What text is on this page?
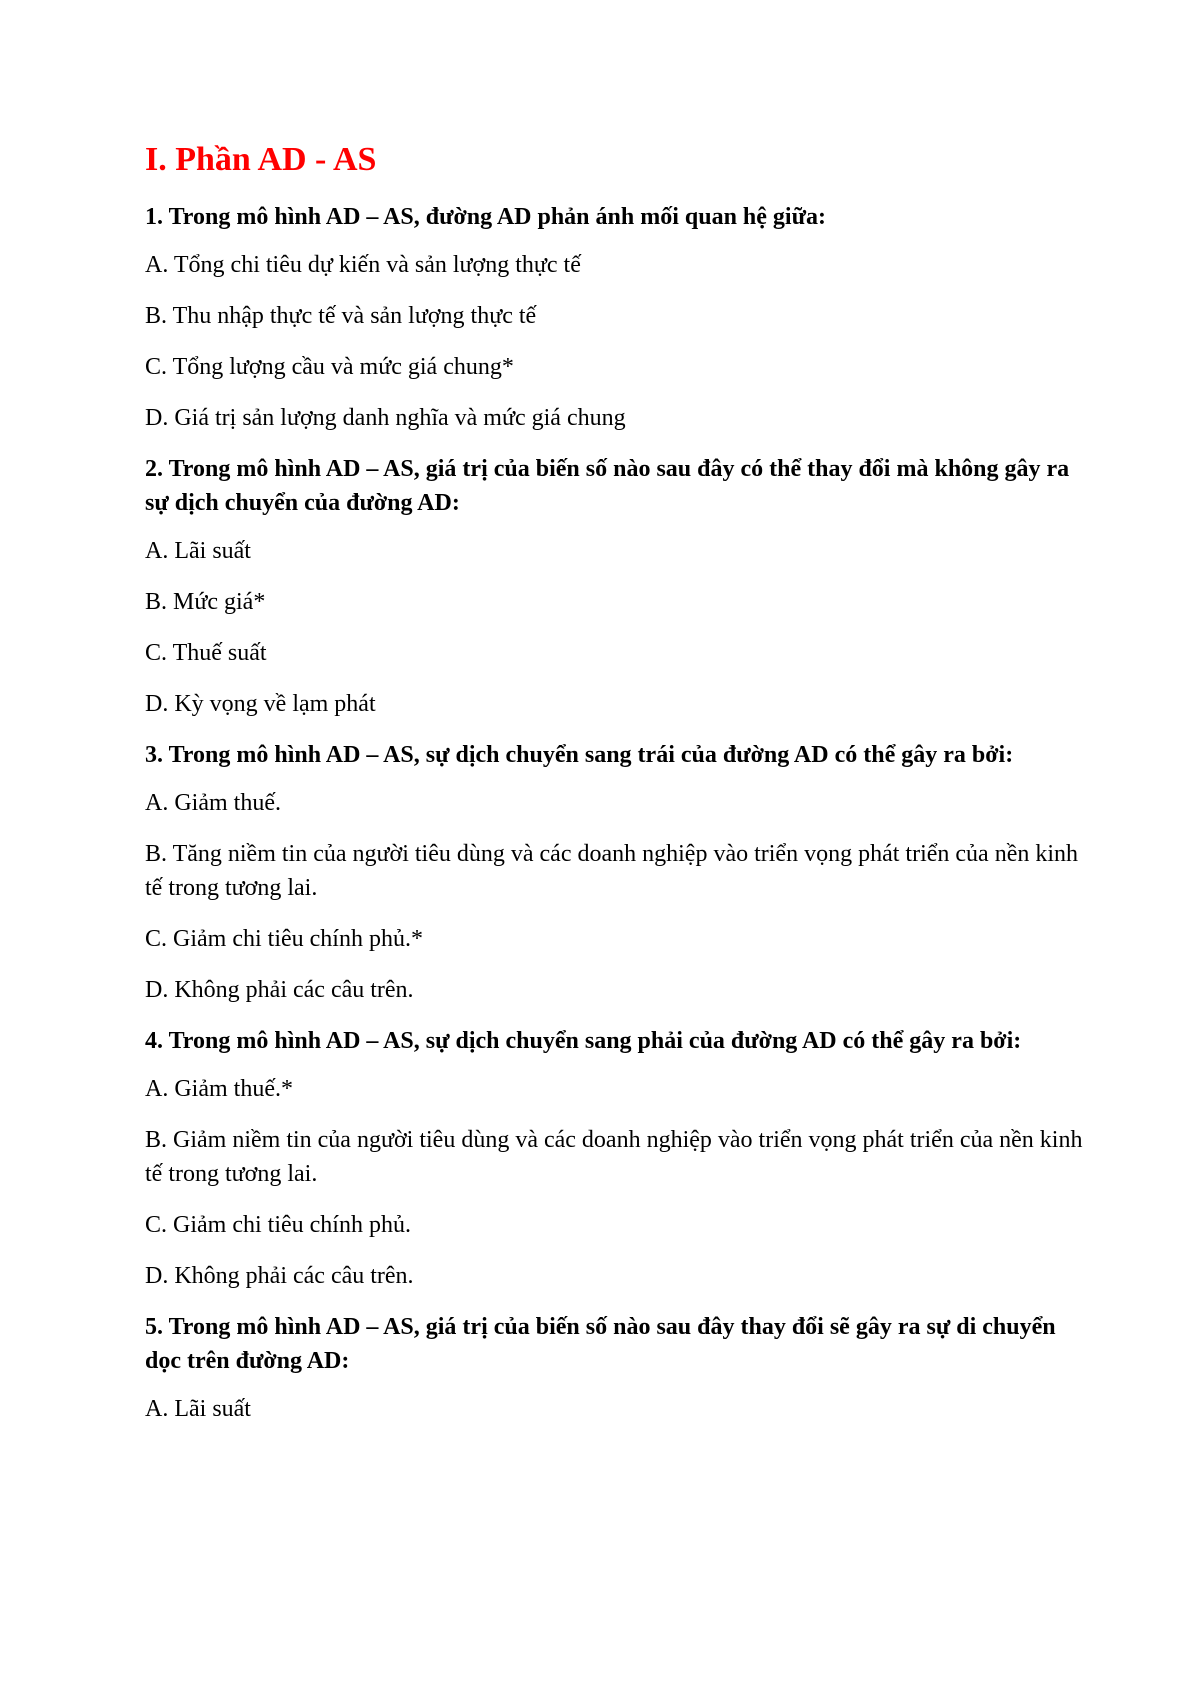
I. Phần AD - AS
1. Trong mô hình AD – AS, đường AD phản ánh mối quan hệ giữa:
A. Tổng chi tiêu dự kiến và sản lượng thực tế
B. Thu nhập thực tế và sản lượng thực tế
C. Tổng lượng cầu và mức giá chung*
D. Giá trị sản lượng danh nghĩa và mức giá chung
2. Trong mô hình AD – AS, giá trị của biến số nào sau đây có thể thay đổi mà không gây ra sự dịch chuyển của đường AD:
A. Lãi suất
B. Mức giá*
C. Thuế suất
D. Kỳ vọng về lạm phát
3. Trong mô hình AD – AS, sự dịch chuyển sang trái của đường AD có thể gây ra bởi:
A. Giảm thuế.
B. Tăng niềm tin của người tiêu dùng và các doanh nghiệp vào triển vọng phát triển của nền kinh tế trong tương lai.
C. Giảm chi tiêu chính phủ.*
D. Không phải các câu trên.
4. Trong mô hình AD – AS, sự dịch chuyển sang phải của đường AD có thể gây ra bởi:
A. Giảm thuế.*
B. Giảm niềm tin của người tiêu dùng và các doanh nghiệp vào triển vọng phát triển của nền kinh tế trong tương lai.
C. Giảm chi tiêu chính phủ.
D. Không phải các câu trên.
5. Trong mô hình AD – AS, giá trị của biến số nào sau đây thay đổi sẽ gây ra sự di chuyển dọc trên đường AD:
A. Lãi suất
